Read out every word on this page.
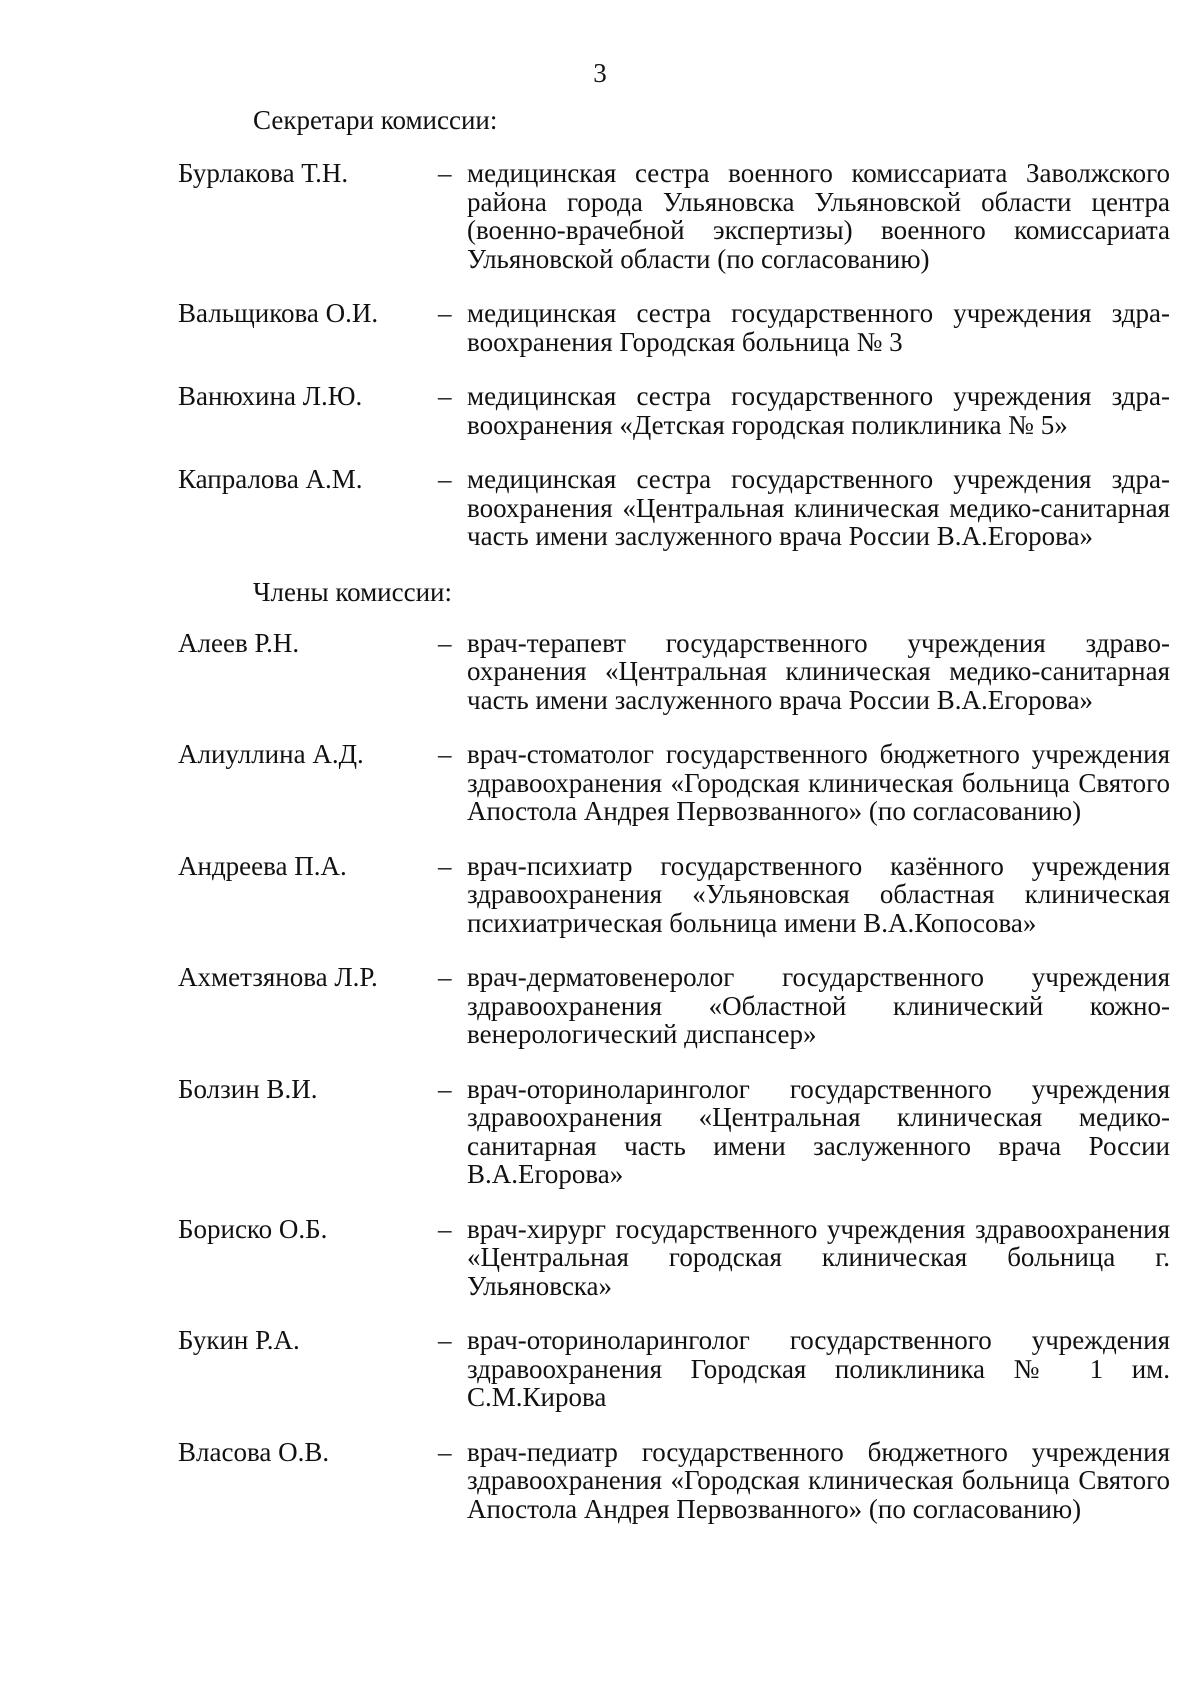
3
Секретари комиссии:
Бурлакова Т.Н.	– медицинская сестра военного комиссариата Заволжского района города Ульяновска Ульяновской области центра (военно-врачебной экспертизы) военного комиссариата Ульяновской области (по согласованию)
Вальщикова О.И.	– медицинская сестра государственного учреждения здравоохранения Городская больница № 3
Ванюхина Л.Ю.	– медицинская сестра государственного учреждения здравоохранения «Детская городская поликлиника № 5»
Капралова А.М.	– медицинская сестра государственного учреждения здравоохранения «Центральная клиническая медико-санитарная часть имени заслуженного врача России В.А.Егорова»
Члены комиссии:
Алеев Р.Н.	– врач-терапевт государственного учреждения здравоохранения «Центральная клиническая медико-санитарная часть имени заслуженного врача России В.А.Егорова»
Алиуллина А.Д.	– врач-стоматолог государственного бюджетного учреждения здравоохранения «Городская клиническая больница Святого Апостола Андрея Первозванного» (по согласованию)
Андреева П.А.	– врач-психиатр государственного казённого учреждения здравоохранения «Ульяновская областная клиническая психиатрическая больница имени В.А.Копосова»
Ахметзянова Л.Р.	– врач-дерматовенеролог государственного учреждения здравоохранения «Областной клинический кожно-венерологический диспансер»
Болзин В.И.	– врач-оториноларинголог государственного учреждения здравоохранения «Центральная клиническая медико-санитарная часть имени заслуженного врача России В.А.Егорова»
Бориско О.Б.	– врач-хирург государственного учреждения здравоохранения «Центральная городская клиническая больница г. Ульяновска»
Букин Р.А.	– врач-оториноларинголог государственного учреждения здравоохранения Городская поликлиника № 1 им. С.М.Кирова
Власова О.В.	– врач-педиатр государственного бюджетного учреждения здравоохранения «Городская клиническая больница Святого Апостола Андрея Первозванного» (по согласованию)
